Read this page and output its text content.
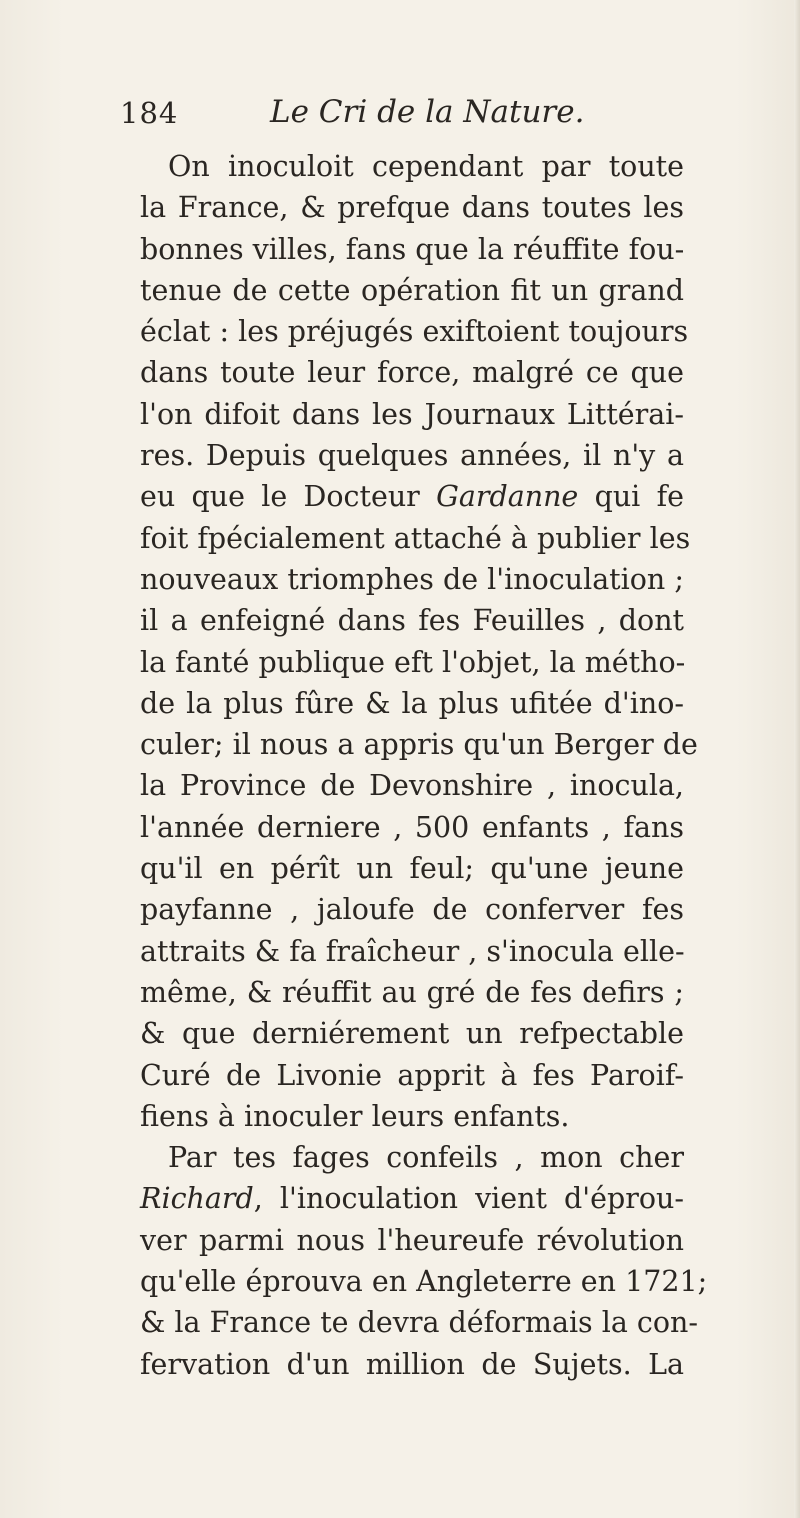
184	Le Cri de la Nature.
On inoculoit cependant par toute
la France, & prefque dans toutes les
bonnes villes, fans que la réuffite fou-
tenue de cette opération fit un grand
éclat : les préjugés exiftoient toujours
dans toute leur force, malgré ce que
l'on difoit dans les Journaux Littérai-
res. Depuis quelques années, il n'y a
eu que le Docteur Gardanne qui fe
foit fpécialement attaché à publier les
nouveaux triomphes de l'inoculation ;
il a enfeigné dans fes Feuilles , dont
la fanté publique eft l'objet, la métho-
de la plus fûre & la plus ufitée d'ino-
culer; il nous a appris qu'un Berger de
la Province de Devonshire , inocula,
l'année derniere , 500 enfants , fans
qu'il en pérît un feul; qu'une jeune
payfanne , jaloufe de conferver fes
attraits & fa fraîcheur , s'inocula elle-
même, & réuffit au gré de fes defirs ;
& que derniérement un refpectable
Curé de Livonie apprit à fes Paroif-
fiens à inoculer leurs enfants.
Par tes fages confeils , mon cher
Richard, l'inoculation vient d'éprou-
ver parmi nous l'heureufe révolution
qu'elle éprouva en Angleterre en 1721;
& la France te devra déformais la con-
fervation d'un million de Sujets. La
